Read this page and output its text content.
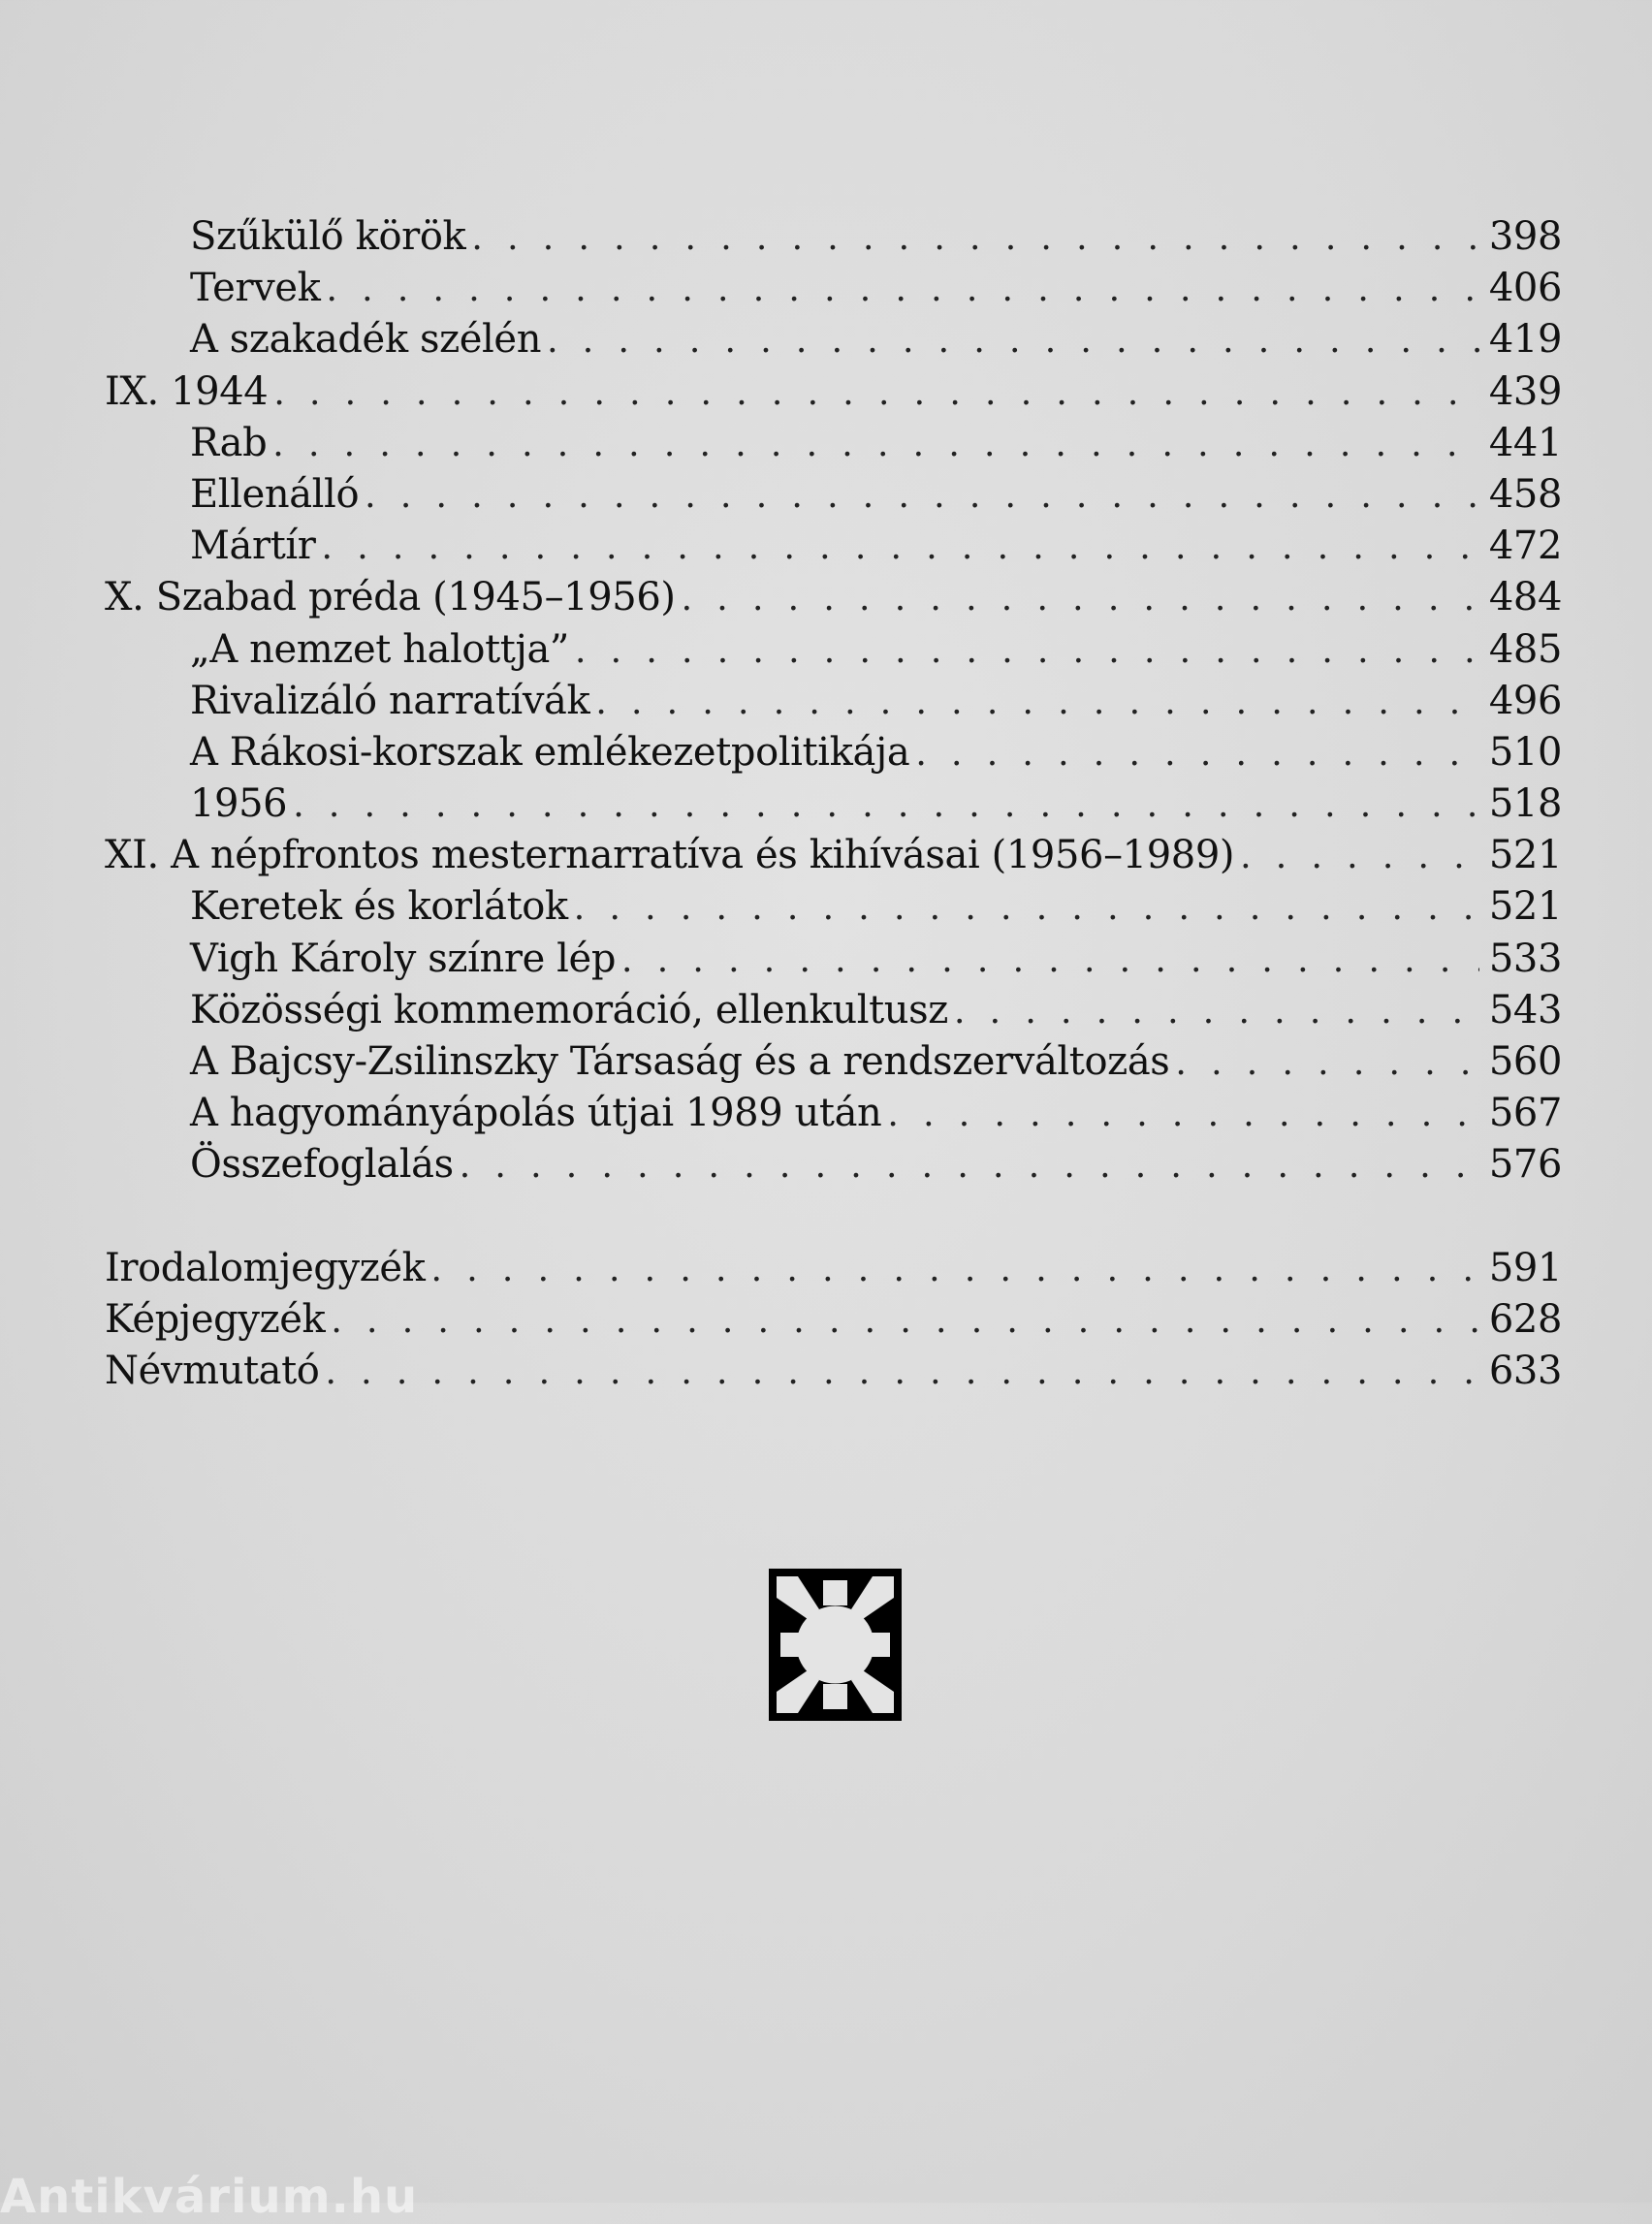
Szűkülő körök . . .	398
Tervek . . .	406
A szakadék szélén . . .	419
IX. 1944 . . .	439
Rab . . .	441
Ellenálló . . .	458
Mártír . . .	472
X. Szabad préda (1945–1956) . . .	484
„A nemzet halottja” . . .	485
Rivalizáló narratívák . . .	496
A Rákosi-korszak emlékezetpolitikája . . .	510
1956 . . .	518
XI. A népfrontos mesternarratíva és kihívásai (1956–1989) . . .	521
Keretek és korlátok . . .	521
Vigh Károly színre lép . . .	533
Közösségi kommemoráció, ellenkultusz . . .	543
A Bajcsy-Zsilinszky Társaság és a rendszerváltozás . . .	560
A hagyományápolás útjai 1989 után . . .	567
Összefoglalás . . .	576
Irodalomjegyzék . . .	591
Képjegyzék . . .	628
Névmutató . . .	633
Antikvárium.hu
